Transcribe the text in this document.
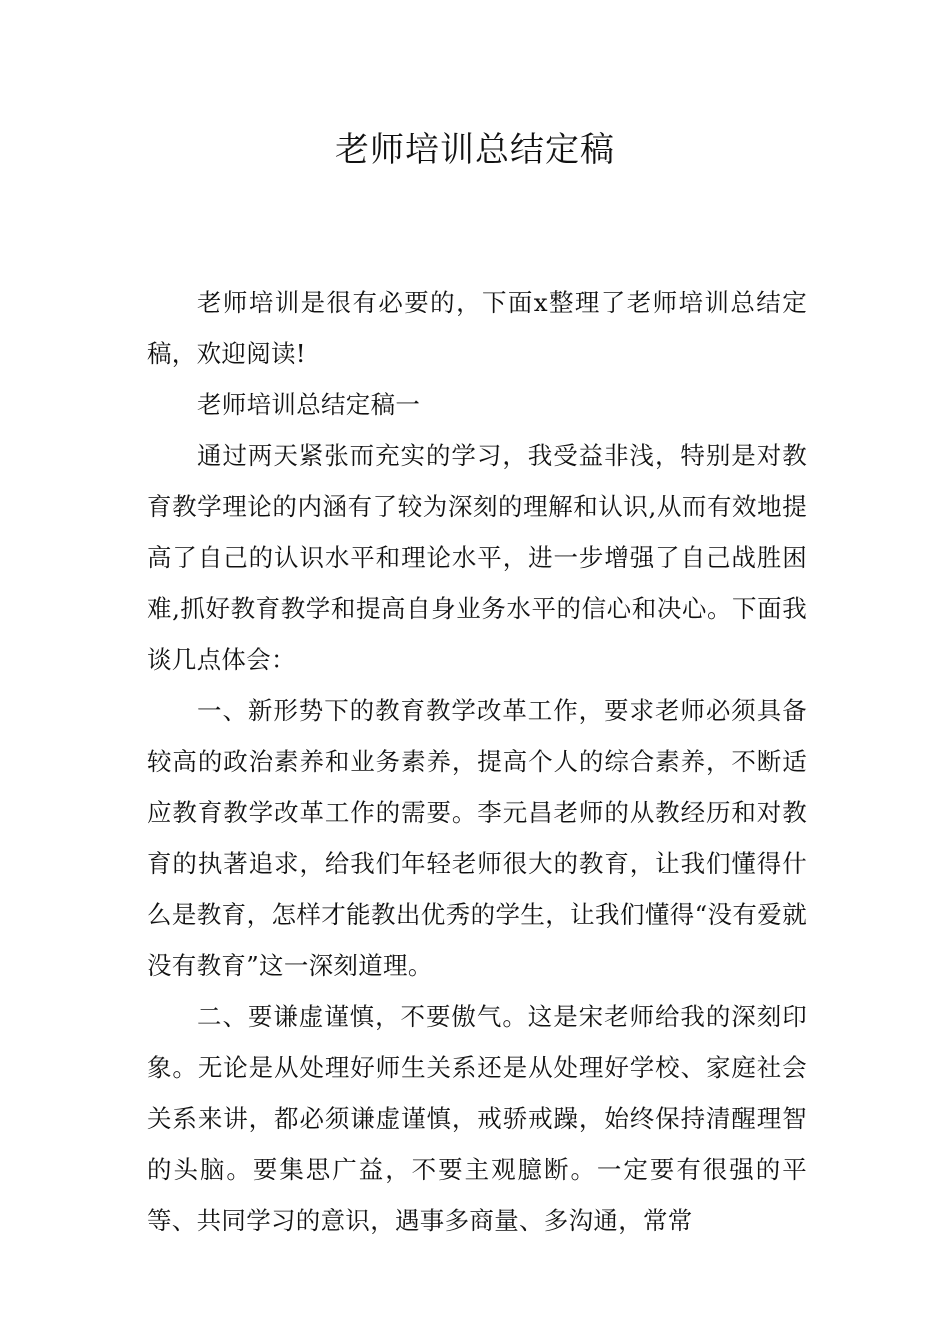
老师培训总结定稿

老师培训是很有必要的，下面x整理了老师培训总结定稿，欢迎阅读!

老师培训总结定稿一

通过两天紧张而充实的学习，我受益非浅，特别是对教育教学理论的内涵有了较为深刻的理解和认识,从而有效地提高了自己的认识水平和理论水平，进一步增强了自己战胜困难,抓好教育教学和提高自身业务水平的信心和决心。下面我谈几点体会：

一、新形势下的教育教学改革工作，要求老师必须具备较高的政治素养和业务素养，提高个人的综合素养，不断适应教育教学改革工作的需要。李元昌老师的从教经历和对教育的执著追求，给我们年轻老师很大的教育，让我们懂得什么是教育，怎样才能教出优秀的学生，让我们懂得“没有爱就没有教育”这一深刻道理。

二、要谦虚谨慎，不要傲气。这是宋老师给我的深刻印象。无论是从处理好师生关系还是从处理好学校、家庭社会关系来讲，都必须谦虚谨慎，戒骄戒躁，始终保持清醒理智的头脑。要集思广益，不要主观臆断。一定要有很强的平等、共同学习的意识，遇事多商量、多沟通，常常
